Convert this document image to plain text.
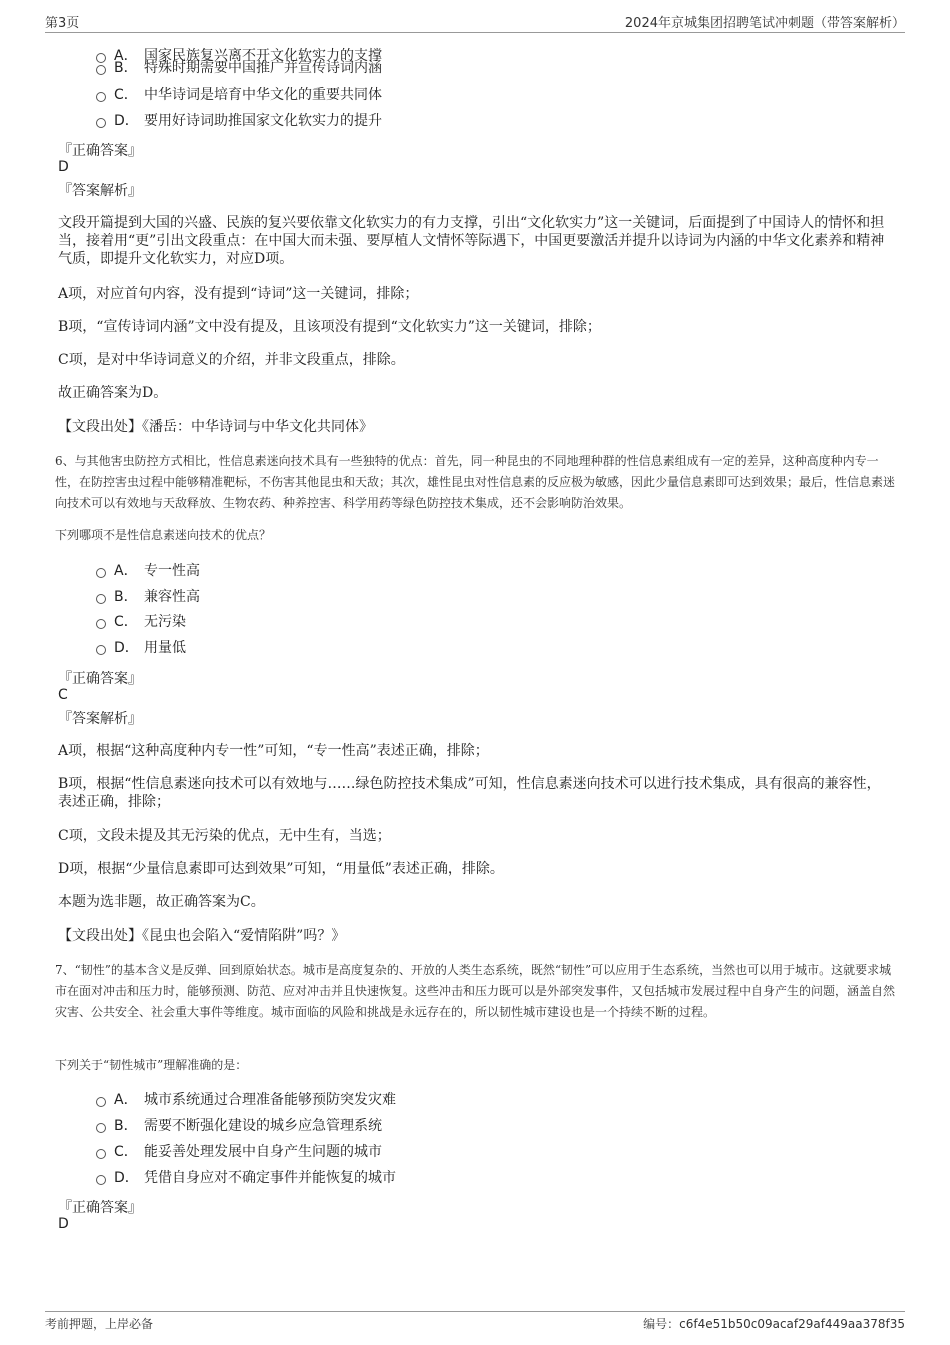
第3页	2024年京城集团招聘笔试冲刺题（带答案解析）
A． 国家民族复兴离不开文化软实力的支撑
B． 特殊时期需要中国推广并宣传诗词内涵
C． 中华诗词是培育中华文化的重要共同体
D． 要用好诗词助推国家文化软实力的提升
『正确答案』
D
『答案解析』
文段开篇提到大国的兴盛、民族的复兴要依靠文化软实力的有力支撑，引出“文化软实力”这一关键词，后面提到了中国诗人的情怀和担当，接着用“更”引出文段重点：在中国大而未强、要厚植人文情怀等际遇下，中国更要激活并提升以诗词为内涵的中华文化素养和精神气质，即提升文化软实力，对应D项。
A项，对应首句内容，没有提到“诗词”这一关键词，排除；
B项，“宣传诗词内涵”文中没有提及，且该项没有提到“文化软实力”这一关键词，排除；
C项，是对中华诗词意义的介绍，并非文段重点，排除。
故正确答案为D。
【文段出处】《潘岳：中华诗词与中华文化共同体》
6、与其他害虫防控方式相比，性信息素迷向技术具有一些独特的优点：首先，同一种昆虫的不同地理种群的性信息素组成有一定的差异，这种高度种内专一性，在防控害虫过程中能够精准靶标，不伤害其他昆虫和天敌；其次，雄性昆虫对性信息素的反应极为敏感，因此少量信息素即可达到效果；最后，性信息素迷向技术可以有效地与天敌释放、生物农药、种养控害、科学用药等绿色防控技术集成，还不会影响防治效果。
下列哪项不是性信息素迷向技术的优点？
A． 专一性高
B． 兼容性高
C． 无污染
D． 用量低
『正确答案』
C
『答案解析』
A项，根据“这种高度种内专一性”可知，“专一性高”表述正确，排除；
B项，根据“性信息素迷向技术可以有效地与……绿色防控技术集成”可知，性信息素迷向技术可以进行技术集成，具有很高的兼容性，表述正确，排除；
C项，文段未提及其无污染的优点，无中生有，当选；
D项，根据“少量信息素即可达到效果”可知，“用量低”表述正确，排除。
本题为选非题，故正确答案为C。
【文段出处】《昆虫也会陷入“爱情陷阱”吗？》
7、“韧性”的基本含义是反弹、回到原始状态。城市是高度复杂的、开放的人类生态系统，既然“韧性”可以应用于生态系统，当然也可以用于城市。这就要求城市在面对冲击和压力时，能够预测、防范、应对冲击并且快速恢复。这些冲击和压力既可以是外部突发事件，又包括城市发展过程中自身产生的问题，涵盖自然灾害、公共安全、社会重大事件等维度。城市面临的风险和挑战是永远存在的，所以韧性城市建设也是一个持续不断的过程。
下列关于“韧性城市”理解准确的是：
A． 城市系统通过合理准备能够预防突发灾难
B． 需要不断强化建设的城乡应急管理系统
C． 能妥善处理发展中自身产生问题的城市
D． 凭借自身应对不确定事件并能恢复的城市
『正确答案』
D
考前押题，上岸必备	编号：c6f4e51b50c09acaf29af449aa378f35
